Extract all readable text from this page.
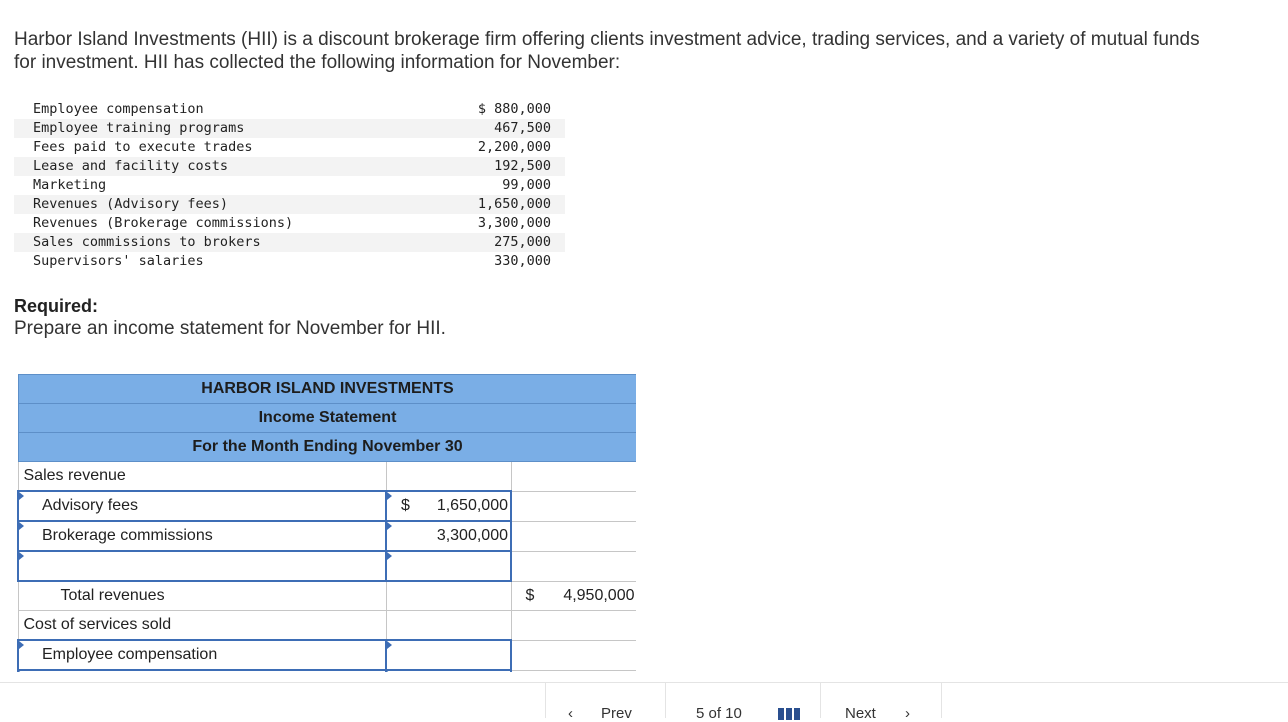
Harbor Island Investments (HII) is a discount brokerage firm offering clients investment advice, trading services, and a variety of mutual funds for investment. HII has collected the following information for November:
Employee compensation	$ 880,000
Employee training programs	467,500
Fees paid to execute trades	2,200,000
Lease and facility costs	192,500
Marketing	99,000
Revenues (Advisory fees)	1,650,000
Revenues (Brokerage commissions)	3,300,000
Sales commissions to brokers	275,000
Supervisors' salaries	330,000
Required:
Prepare an income statement for November for HII.
HARBOR ISLAND INVESTMENTS		
Income Statement		
For the Month Ending November 30		
Sales revenue		
Advisory fees	$ 1,650,000	

Brokerage commissions	3,300,000	

Total revenues		$ 4,950,000

Cost of services sold		
Employee compensation		

‹ Prev	5 of 10	Next ›
